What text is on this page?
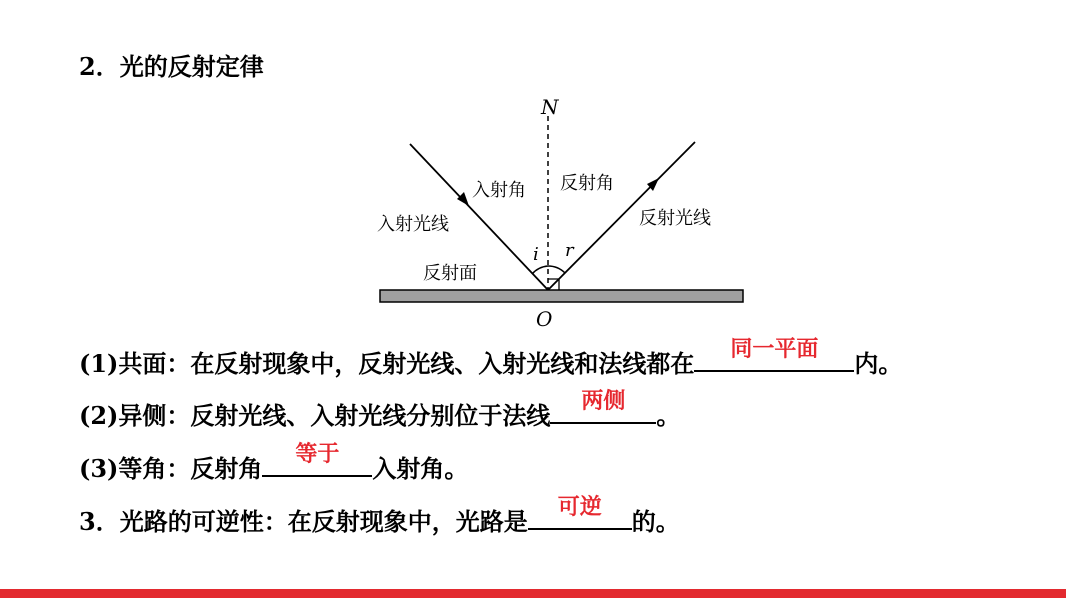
2．光的反射定律
N
入射角 反射角
入射光线	反射光线
反射面
i r
O
(1)共面：在反射现象中，反射光线、入射光线和法线都在	同一平面	内。
(2)异侧：反射光线、入射光线分别位于法线	两侧	。
(3)等角：反射角	等于	入射角。
3．光路的可逆性：在反射现象中，光路是	可逆	的。
